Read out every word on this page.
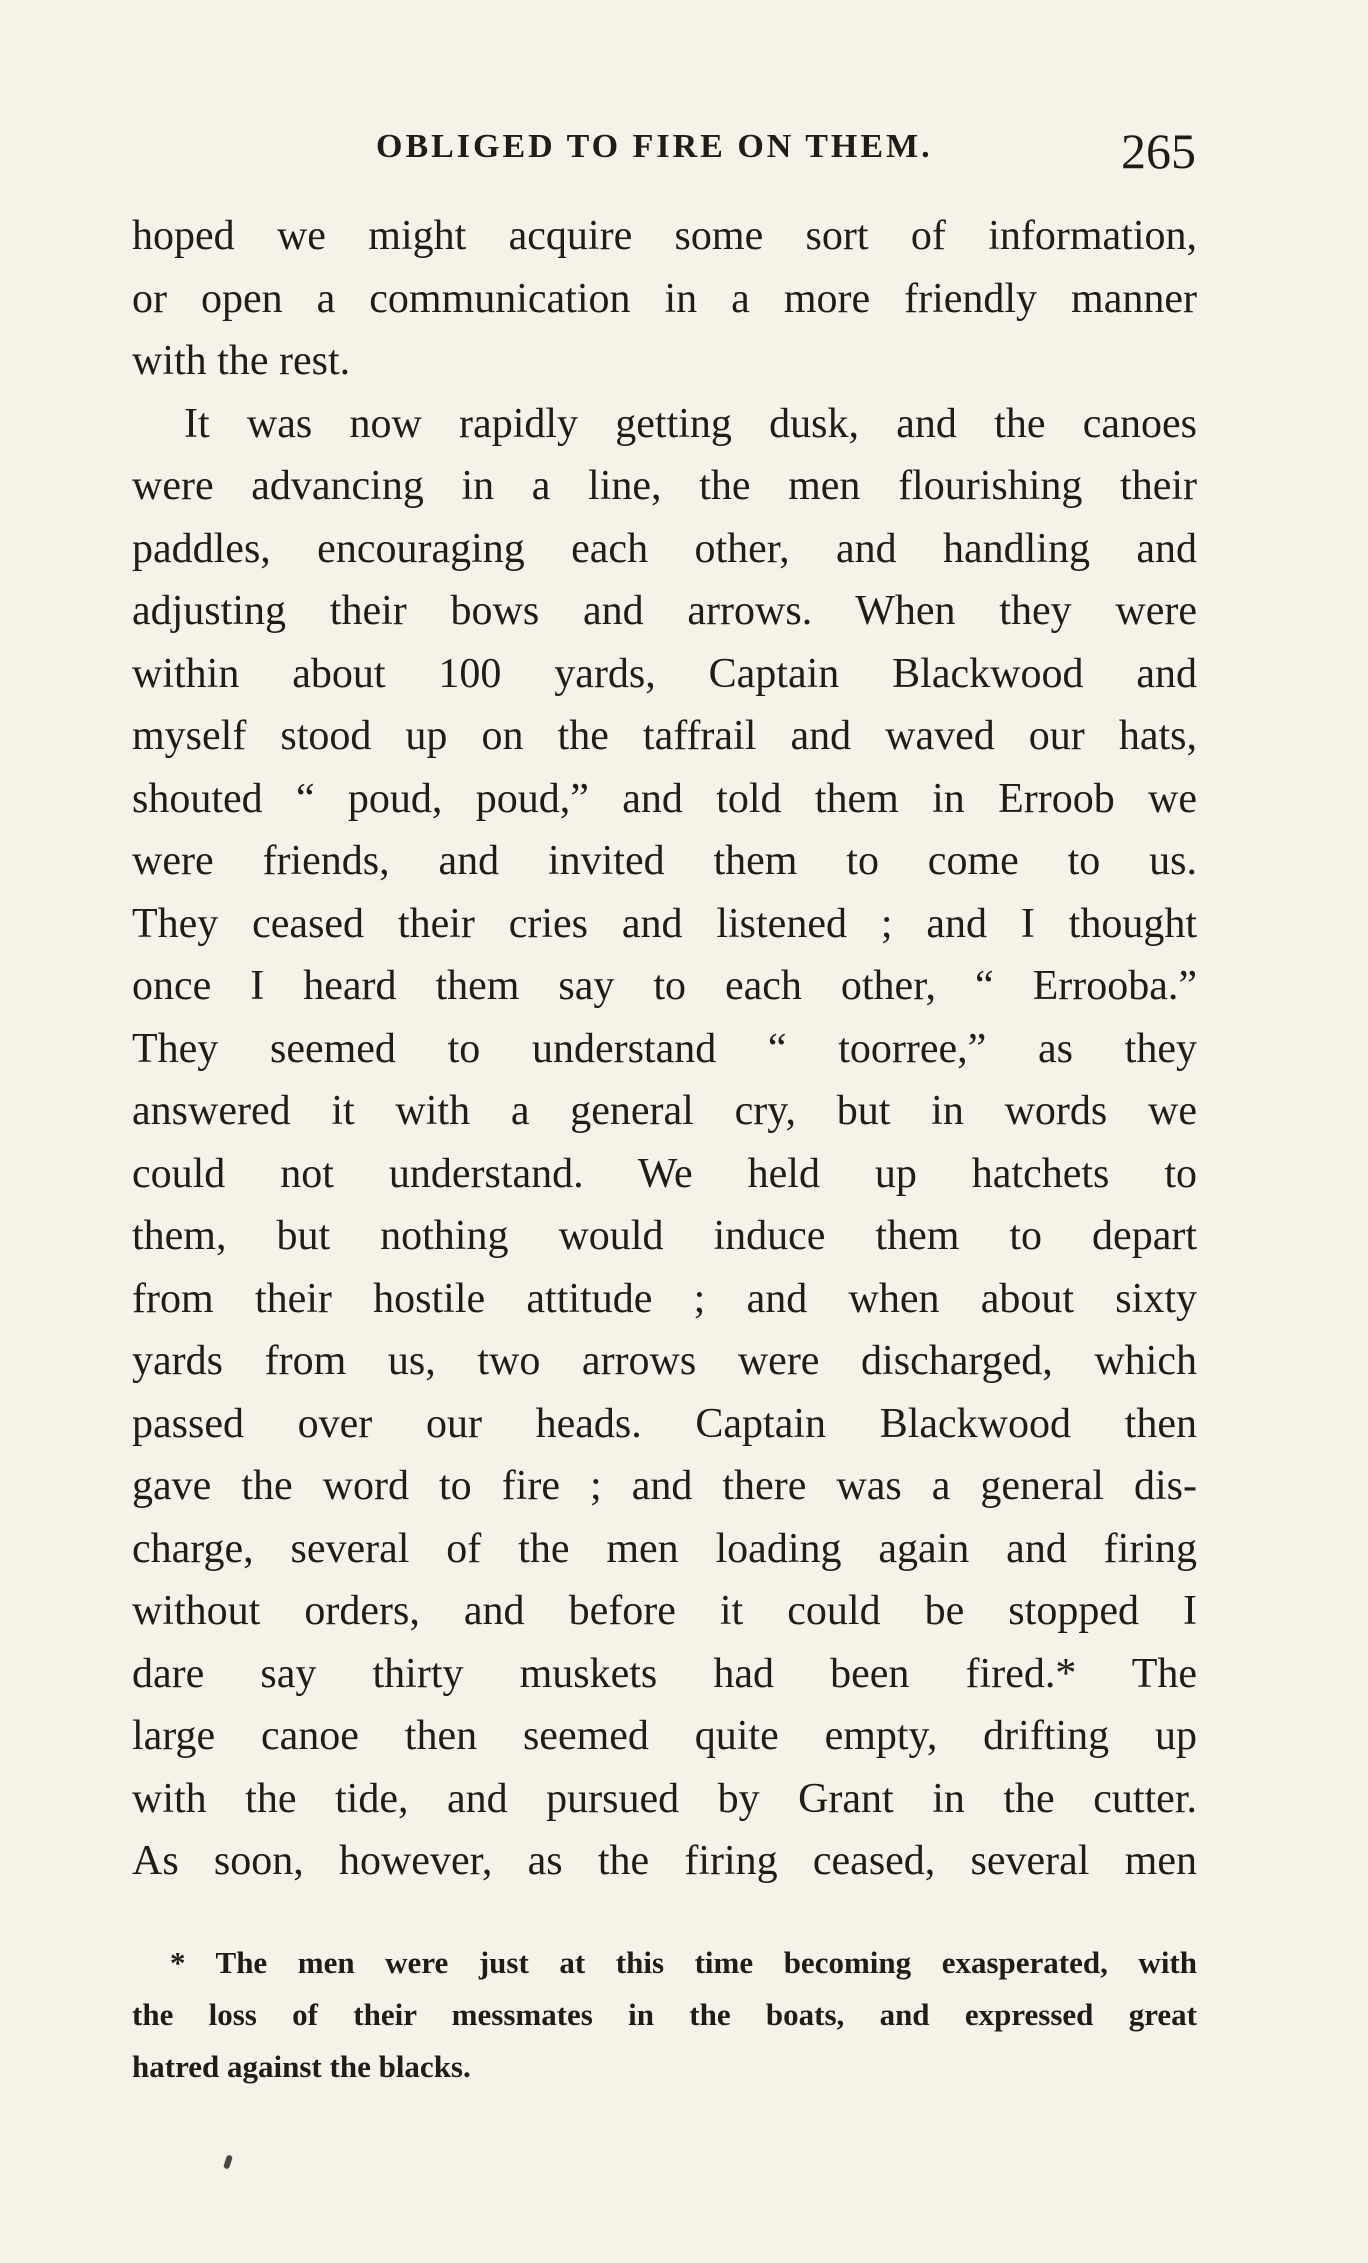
OBLIGED TO FIRE ON THEM.	265
hoped we might acquire some sort of information,
or open a communication in a more friendly manner
with the rest.
It was now rapidly getting dusk, and the canoes
were advancing in a line, the men flourishing their
paddles, encouraging each other, and handling and
adjusting their bows and arrows. When they were
within about 100 yards, Captain Blackwood and
myself stood up on the taffrail and waved our hats,
shouted “ poud, poud,” and told them in Erroob we
were friends, and invited them to come to us.
They ceased their cries and listened ; and I thought
once I heard them say to each other, “ Errooba.”
They seemed to understand “ toorree,” as they
answered it with a general cry, but in words we
could not understand. We held up hatchets to
them, but nothing would induce them to depart
from their hostile attitude ; and when about sixty
yards from us, two arrows were discharged, which
passed over our heads. Captain Blackwood then
gave the word to fire ; and there was a general dis-
charge, several of the men loading again and firing
without orders, and before it could be stopped I
dare say thirty muskets had been fired.* The
large canoe then seemed quite empty, drifting up
with the tide, and pursued by Grant in the cutter.
As soon, however, as the firing ceased, several men
* The men were just at this time becoming exasperated, with
the loss of their messmates in the boats, and expressed great
hatred against the blacks.
